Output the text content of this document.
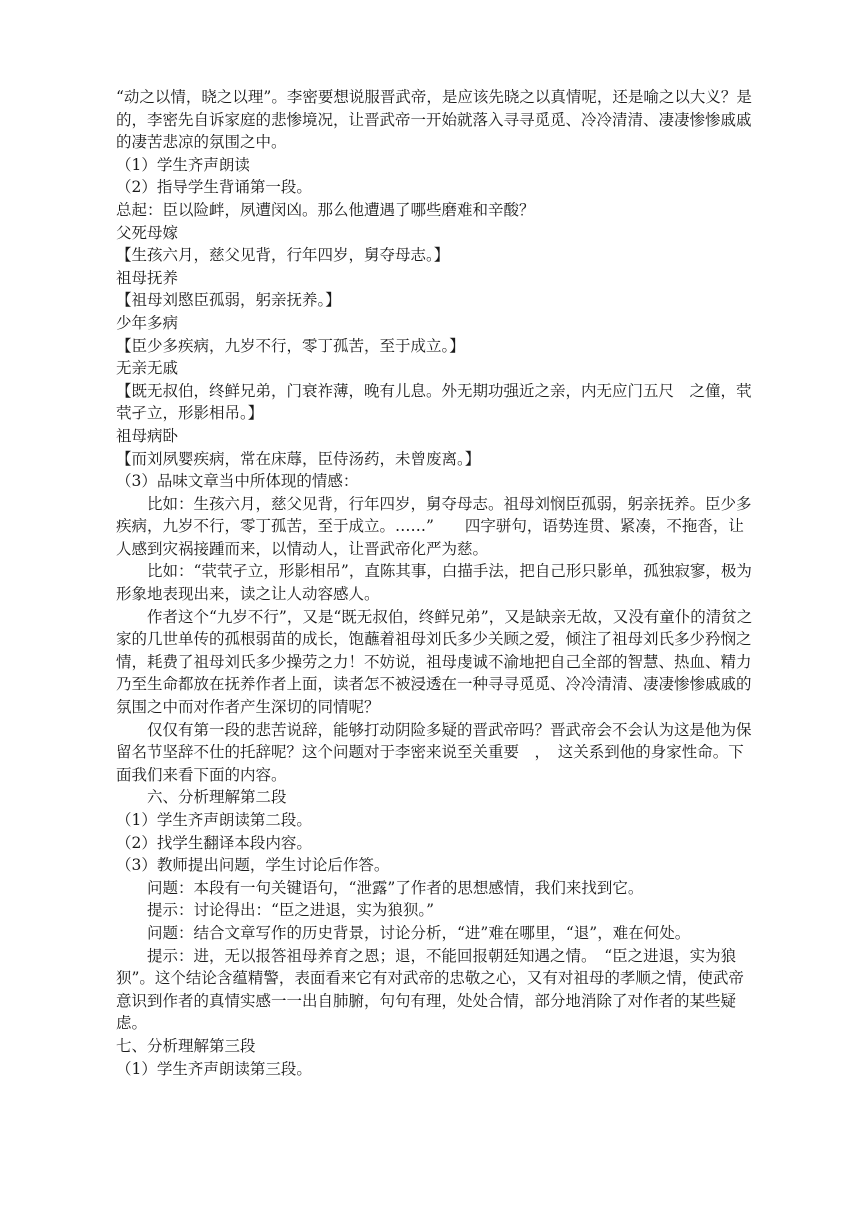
“动之以情，晓之以理”。李密要想说服晋武帝，是应该先晓之以真情呢，还是喻之以大义？是的，李密先自诉家庭的悲惨境况，让晋武帝一开始就落入寻寻觅觅、冷冷清清、凄凄惨惨戚戚的凄苦悲凉的氛围之中。

（1）学生齐声朗读

（2）指导学生背诵第一段。

总起：臣以险衅，夙遭闵凶。那么他遭遇了哪些磨难和辛酸？

父死母嫁

【生孩六月，慈父见背，行年四岁，舅夺母志。】

祖母抚养

【祖母刘愍臣孤弱，躬亲抚养。】

少年多病

【臣少多疾病，九岁不行，零丁孤苦，至于成立。】

无亲无戚

【既无叔伯，终鲜兄弟，门衰祚薄，晚有儿息。外无期功强近之亲，内无应门五尺　之僮，茕茕孑立，形影相吊。】

祖母病卧

【而刘夙婴疾病，常在床蓐，臣侍汤药，未曾废离。】

（3）品味文章当中所体现的情感：

比如：生孩六月，慈父见背，行年四岁，舅夺母志。祖母刘悯臣孤弱，躬亲抚养。臣少多疾病，九岁不行，零丁孤苦，至于成立。……”　　四字骈句，语势连贯、紧凑，不拖沓，让人感到灾祸接踵而来，以情动人，让晋武帝化严为慈。

比如：“茕茕孑立，形影相吊”，直陈其事，白描手法，把自己形只影单，孤独寂寥，极为形象地表现出来，读之让人动容感人。

作者这个“九岁不行”，又是“既无叔伯，终鲜兄弟”，又是缺亲无故，又没有童仆的清贫之家的几世单传的孤根弱苗的成长，饱蘸着祖母刘氏多少关顾之爱，倾注了祖母刘氏多少矜悯之情，耗费了祖母刘氏多少操劳之力！不妨说，祖母虔诚不渝地把自己全部的智慧、热血、精力乃至生命都放在抚养作者上面，读者怎不被浸透在一种寻寻觅觅、冷冷清清、凄凄惨惨戚戚的氛围之中而对作者产生深切的同情呢？

仅仅有第一段的悲苦说辞，能够打动阴险多疑的晋武帝吗？晋武帝会不会认为这是他为保留名节坚辞不仕的托辞呢？这个问题对于李密来说至关重要　，　这关系到他的身家性命。下面我们来看下面的内容。

六、分析理解第二段

（1）学生齐声朗读第二段。

（2）找学生翻译本段内容。

（3）教师提出问题，学生讨论后作答。

问题：本段有一句关键语句，“泄露”了作者的思想感情，我们来找到它。

提示：讨论得出：“臣之进退，实为狼狈。”

问题：结合文章写作的历史背景，讨论分析，“进”难在哪里，“退”，难在何处。

提示：进，无以报答祖母养育之恩；退，不能回报朝廷知遇之情。　“臣之进退，实为狼狈”。这个结论含蕴精警，表面看来它有对武帝的忠敬之心，又有对祖母的孝顺之情，使武帝意识到作者的真情实感一一出自肺腑，句句有理，处处合情，部分地消除了对作者的某些疑虑。

七、分析理解第三段

（1）学生齐声朗读第三段。
